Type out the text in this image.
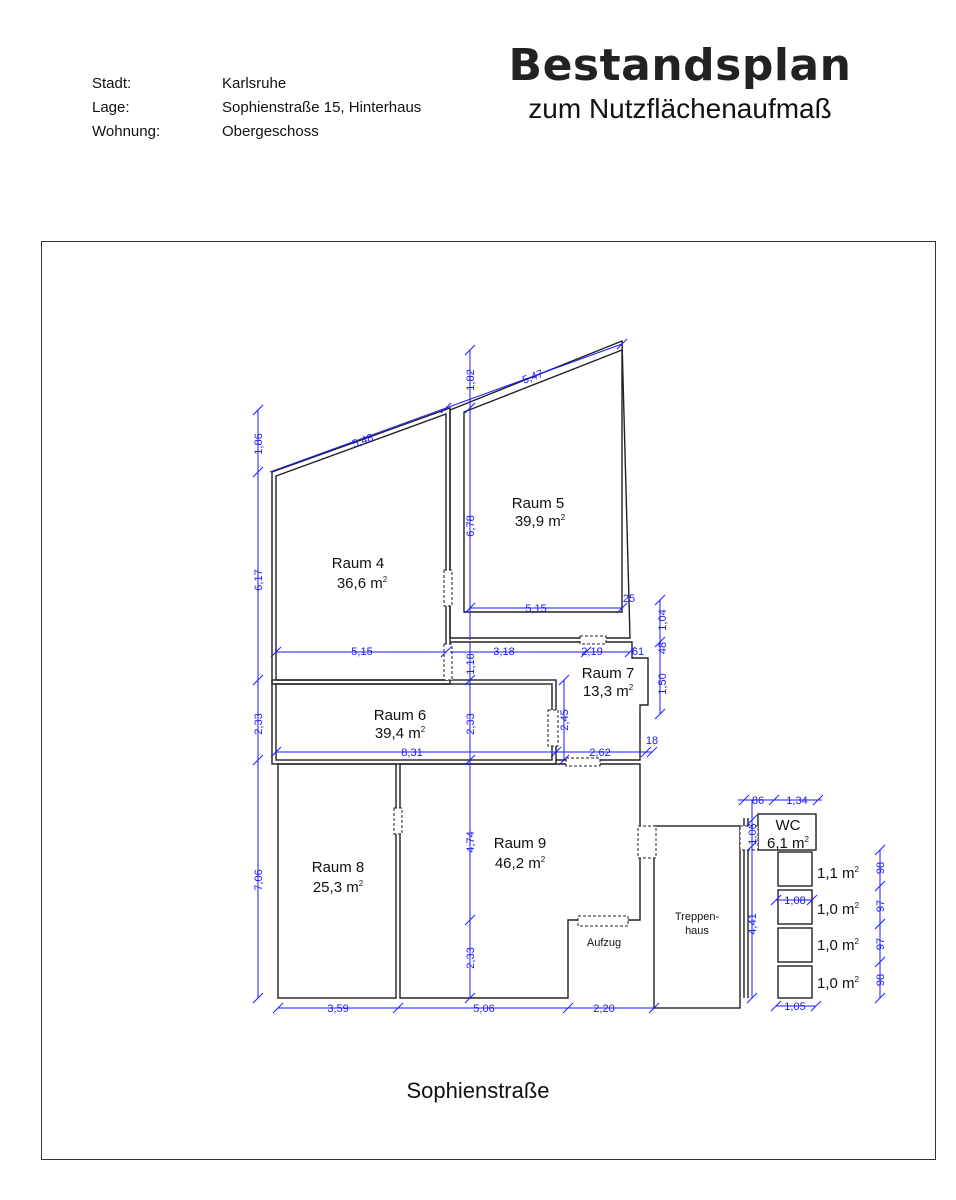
Stadt:	Karlsruhe
Lage:	Sophienstraße 15, Hinterhaus
Wohnung:	Obergeschoss
Bestandsplan
zum Nutzflächenaufmaß
5,48
5,47
1,86
1,82
6,17
6,78
5,15
5,15
25
1,04
3,18	2,19	61 48
1,18
1,50
2,33	2,33	2,45
8,31	2,62
18
7,06
4,74
2,33
3,59	5,06	2,20
86 1,34
1,06
4,41
1,08
1,05
98
97
97
98
Raum 4
36,6 $m^2$
Raum 5
39,9 $m^2$
Raum 6
39,4 $m^2$
Raum 7
13,3 $m^2$
Raum 8
25,3 $m^2$
Raum 9
46,2 $m^2$
WC
6,1 $m^2$
1,1 $m^2$
1,0 $m^2$
1,0 $m^2$
1,0 $m^2$
Aufzug
Treppen-
haus
Sophienstraße
